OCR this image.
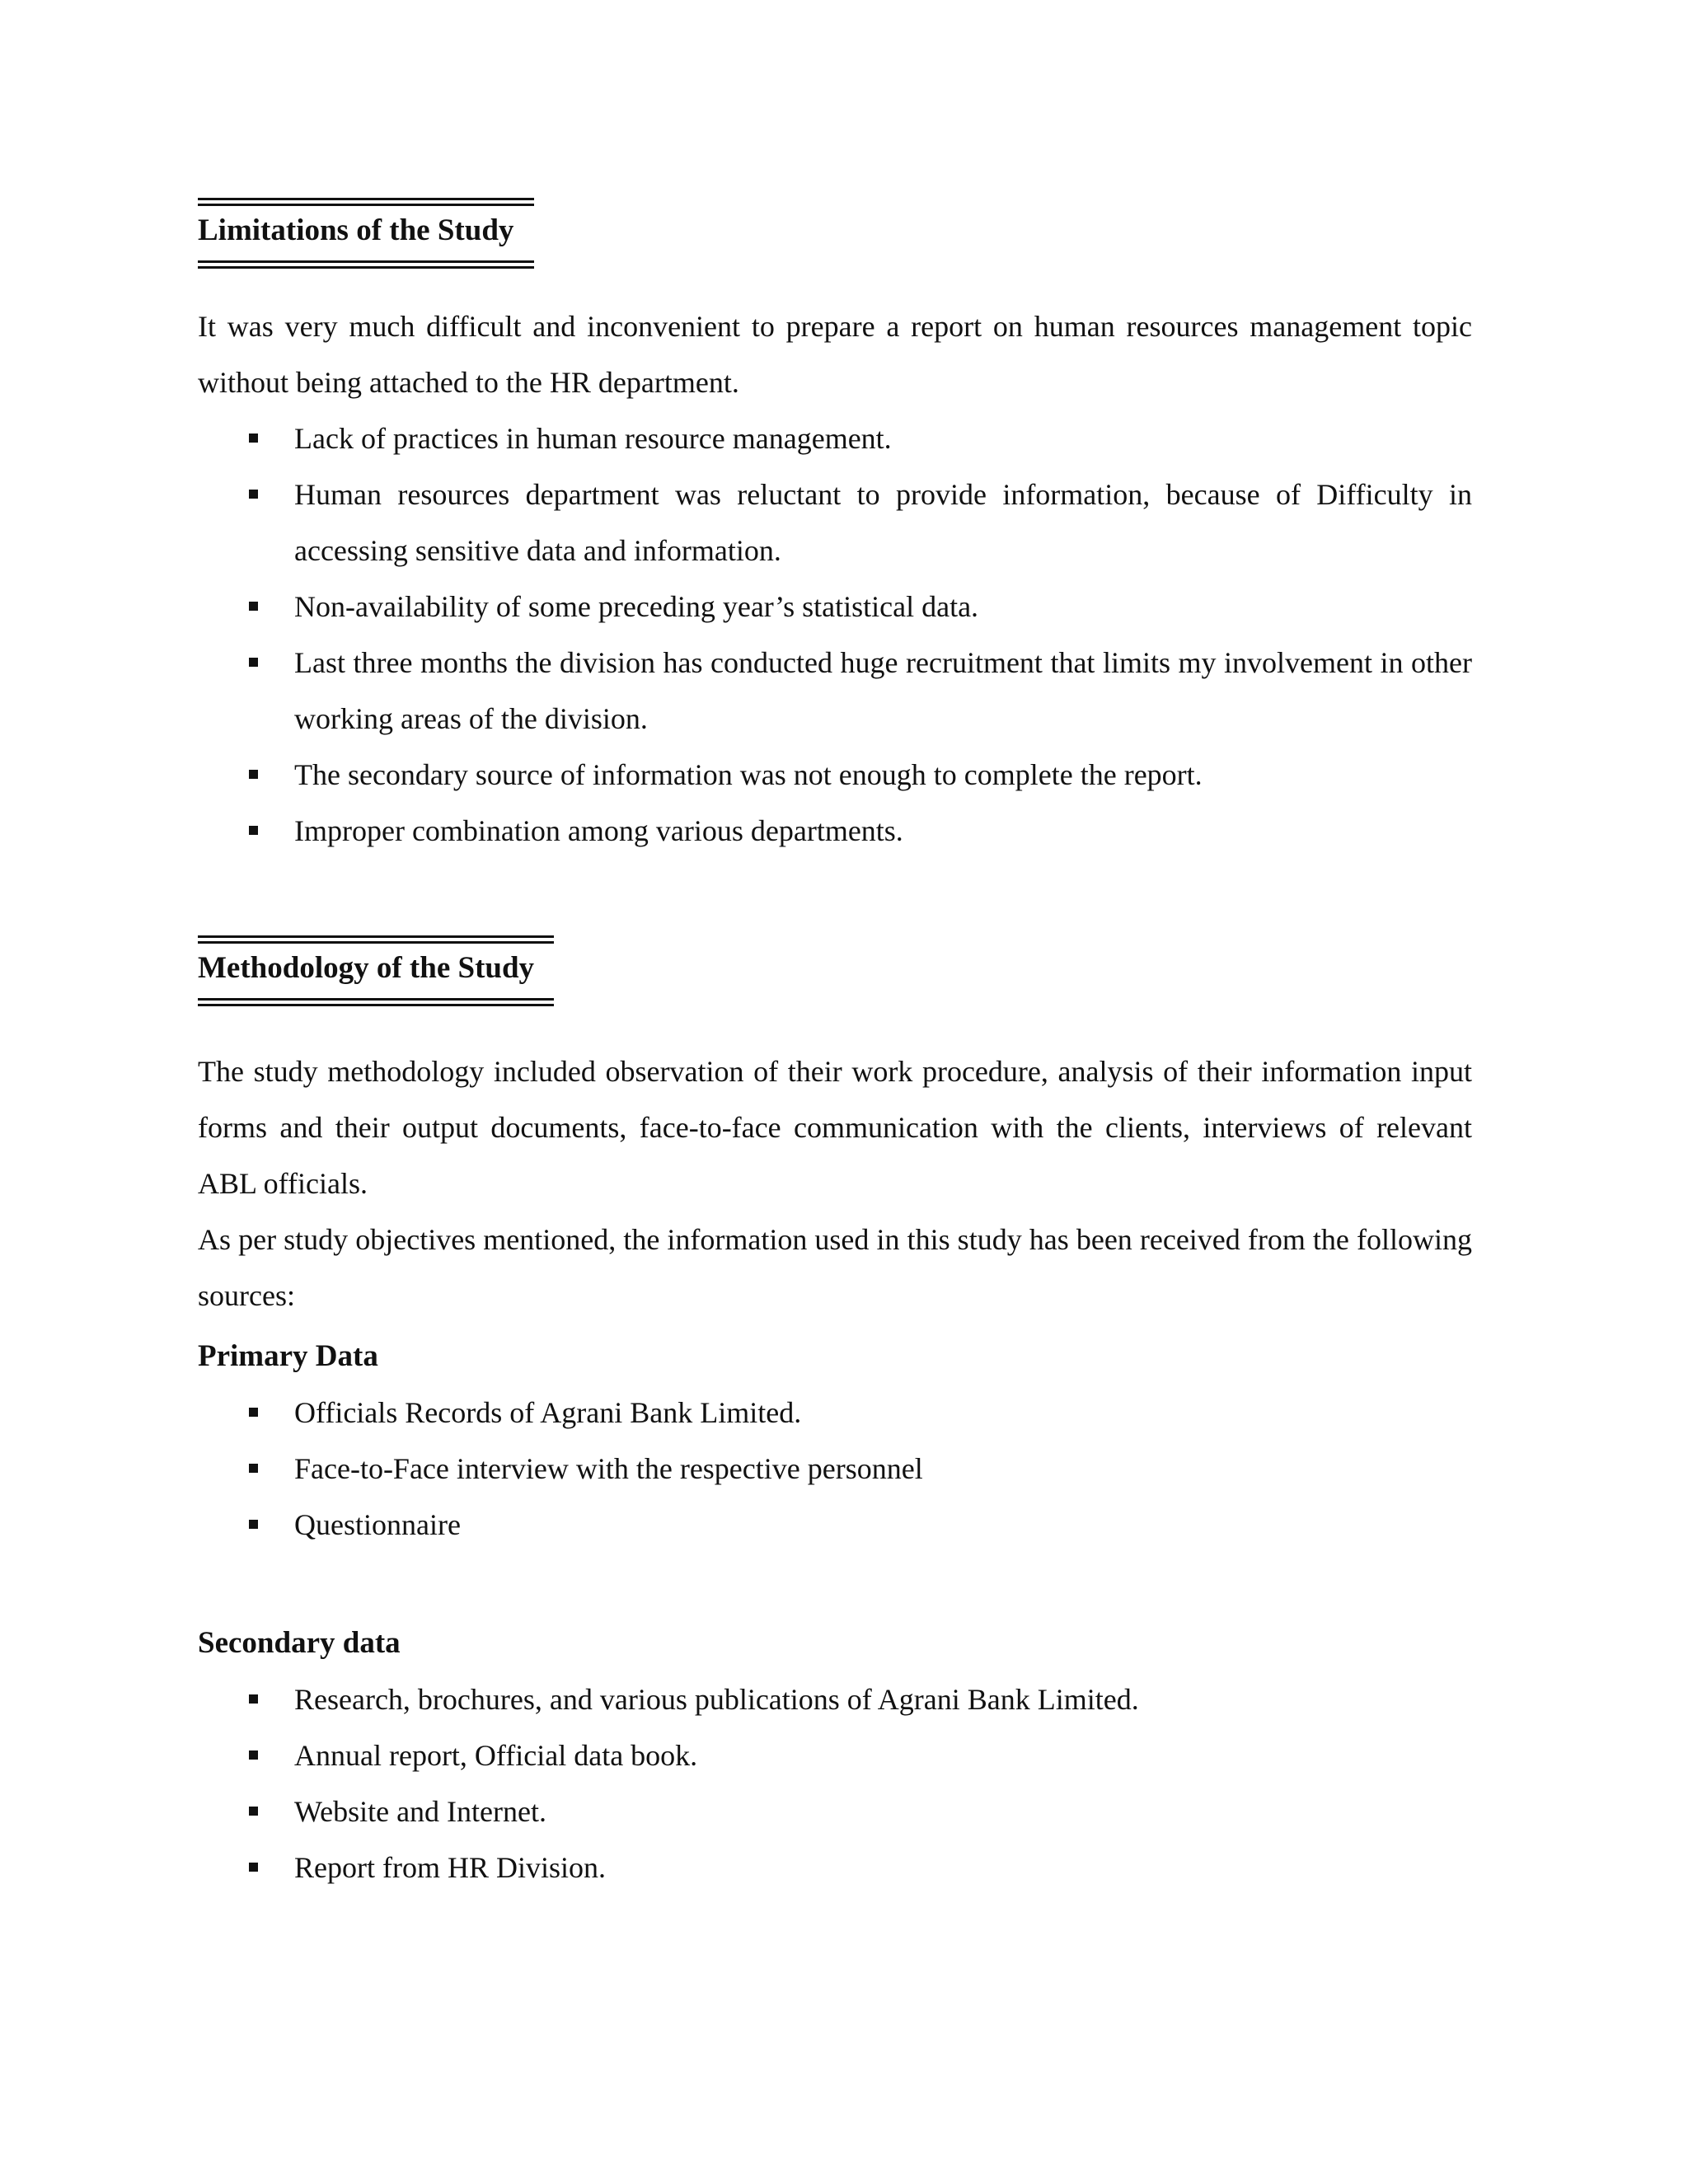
Limitations of the Study

It was very much difficult and inconvenient to prepare a report on human resources management topic without being attached to the HR department.

Lack of practices in human resource management.
Human resources department was reluctant to provide information, because of Difficulty in accessing sensitive data and information.
Non-availability of some preceding year’s statistical data.
Last three months the division has conducted huge recruitment that limits my involvement in other working areas of the division.
The secondary source of information was not enough to complete the report.
Improper combination among various departments.
Methodology of the Study

The study methodology included observation of their work procedure, analysis of their information input forms and their output documents, face-to-face communication with the clients, interviews of relevant ABL officials.

As per study objectives mentioned, the information used in this study has been received from the following sources:

Primary Data

Officials Records of Agrani Bank Limited.
Face-to-Face interview with the respective personnel
Questionnaire

Secondary data

Research, brochures, and various publications of Agrani Bank Limited.
Annual report, Official data book.
Website and Internet.
Report from HR Division.
